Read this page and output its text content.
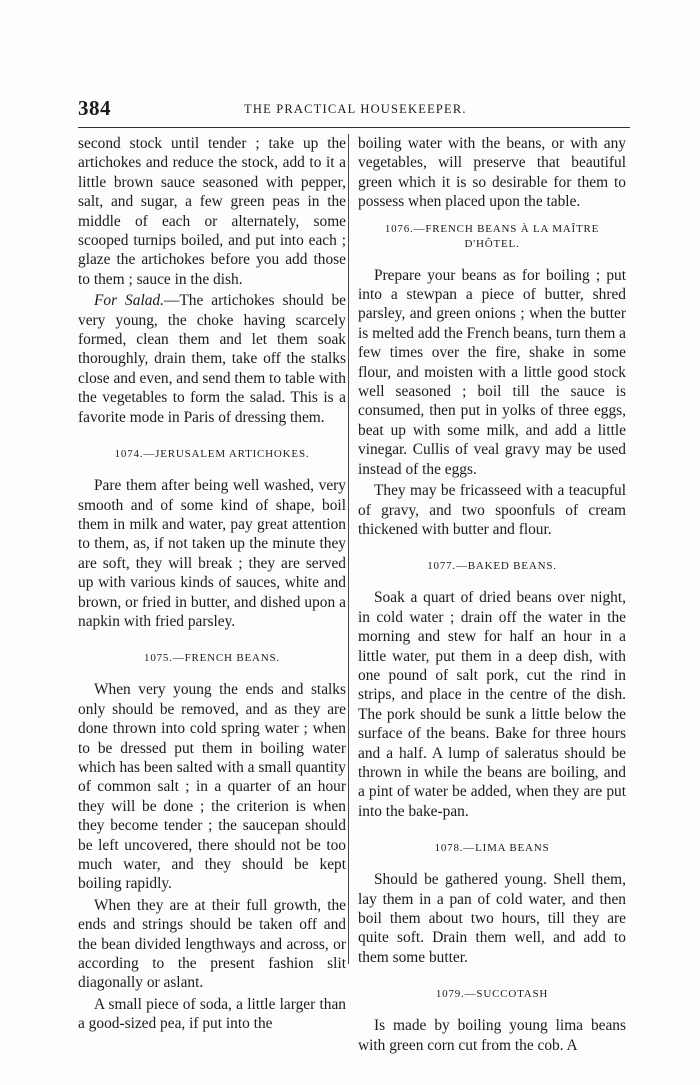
384	THE PRACTICAL HOUSEKEEPER.

second stock until tender ; take up the artichokes and reduce the stock, add to it a little brown sauce seasoned with pepper, salt, and sugar, a few green peas in the middle of each or alternately, some scooped turnips boiled, and put into each ; glaze the artichokes before you add those to them ; sauce in the dish.

For Salad.—The artichokes should be very young, the choke having scarcely formed, clean them and let them soak thoroughly, drain them, take off the stalks close and even, and send them to table with the vegetables to form the salad. This is a favorite mode in Paris of dressing them.

1074.—JERUSALEM ARTICHOKES.

Pare them after being well washed, very smooth and of some kind of shape, boil them in milk and water, pay great attention to them, as, if not taken up the minute they are soft, they will break ; they are served up with various kinds of sauces, white and brown, or fried in butter, and dished upon a napkin with fried parsley.

1075.—FRENCH BEANS.

When very young the ends and stalks only should be removed, and as they are done thrown into cold spring water ; when to be dressed put them in boiling water which has been salted with a small quantity of common salt ; in a quarter of an hour they will be done ; the criterion is when they become tender ; the saucepan should be left uncovered, there should not be too much water, and they should be kept boiling rapidly.

When they are at their full growth, the ends and strings should be taken off and the bean divided lengthways and across, or according to the present fashion slit diagonally or aslant.

A small piece of soda, a little larger than a good-sized pea, if put into the

boiling water with the beans, or with any vegetables, will preserve that beautiful green which it is so desirable for them to possess when placed upon the table.

1076.—FRENCH BEANS À LA MAÎTRE D'HÔTEL.

Prepare your beans as for boiling ; put into a stewpan a piece of butter, shred parsley, and green onions ; when the butter is melted add the French beans, turn them a few times over the fire, shake in some flour, and moisten with a little good stock well seasoned ; boil till the sauce is consumed, then put in yolks of three eggs, beat up with some milk, and add a little vinegar. Cullis of veal gravy may be used instead of the eggs.

They may be fricasseed with a teacupful of gravy, and two spoonfuls of cream thickened with butter and flour.

1077.—BAKED BEANS.

Soak a quart of dried beans over night, in cold water ; drain off the water in the morning and stew for half an hour in a little water, put them in a deep dish, with one pound of salt pork, cut the rind in strips, and place in the centre of the dish. The pork should be sunk a little below the surface of the beans. Bake for three hours and a half. A lump of saleratus should be thrown in while the beans are boiling, and a pint of water be added, when they are put into the bake-pan.

1078.—LIMA BEANS

Should be gathered young. Shell them, lay them in a pan of cold water, and then boil them about two hours, till they are quite soft. Drain them well, and add to them some butter.

1079.—SUCCOTASH

Is made by boiling young lima beans with green corn cut from the cob. A
